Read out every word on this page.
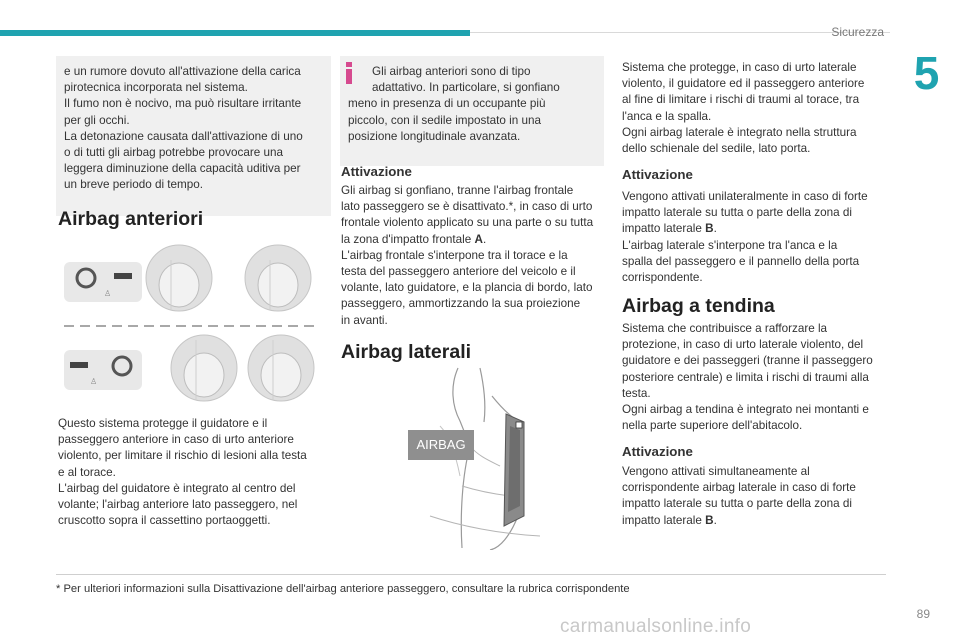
Sicurezza
5

e un rumore dovuto all'attivazione della carica

pirotecnica incorporata nel sistema.

Il fumo non è nocivo, ma può risultare irritante

per gli occhi.

La detonazione causata dall'attivazione di uno

o di tutti gli airbag potrebbe provocare una

leggera diminuzione della capacità uditiva per

un breve periodo di tempo.

Airbag anteriori
♙
♙

Questo sistema protegge il guidatore e il

passeggero anteriore in caso di urto anteriore

violento, per limitare il rischio di lesioni alla testa

e al torace.

L'airbag del guidatore è integrato al centro del

volante; l'airbag anteriore lato passeggero, nel

cruscotto sopra il cassettino portaoggetti.

Gli airbag anteriori sono di tipo

adattativo. In particolare, si gonfiano

meno in presenza di un occupante più

piccolo, con il sedile impostato in una

posizione longitudinale avanzata.

Attivazione

Gli airbag si gonfiano, tranne l'airbag frontale

lato passeggero se è disattivato.*, in caso di urto

frontale violento applicato su una parte o su tutta

la zona d'impatto frontale A.

L'airbag frontale s'interpone tra il torace e la

testa del passeggero anteriore del veicolo e il

volante, lato guidatore, e la plancia di bordo, lato

passeggero, ammortizzando la sua proiezione

in avanti.

Airbag laterali
AIRBAG

Sistema che protegge, in caso di urto laterale

violento, il guidatore ed il passeggero anteriore

al fine di limitare i rischi di traumi al torace, tra

l'anca e la spalla.

Ogni airbag laterale è integrato nella struttura

dello schienale del sedile, lato porta.

Attivazione

Vengono attivati unilateralmente in caso di forte

impatto laterale su tutta o parte della zona di

impatto laterale B.

L'airbag laterale s'interpone tra l'anca e la

spalla del passeggero e il pannello della porta

corrispondente.

Airbag a tendina

Sistema che contribuisce a rafforzare la

protezione, in caso di urto laterale violento, del

guidatore e dei passeggeri (tranne il passeggero

posteriore centrale) e limita i rischi di traumi alla

testa.

Ogni airbag a tendina è integrato nei montanti e

nella parte superiore dell'abitacolo.

Attivazione

Vengono attivati simultaneamente al

corrispondente airbag laterale in caso di forte

impatto laterale su tutta o parte della zona di

impatto laterale B.

* Per ulteriori informazioni sulla Disattivazione dell'airbag anteriore passeggero, consultare la rubrica corrispondente
89
carmanualsonline.info
